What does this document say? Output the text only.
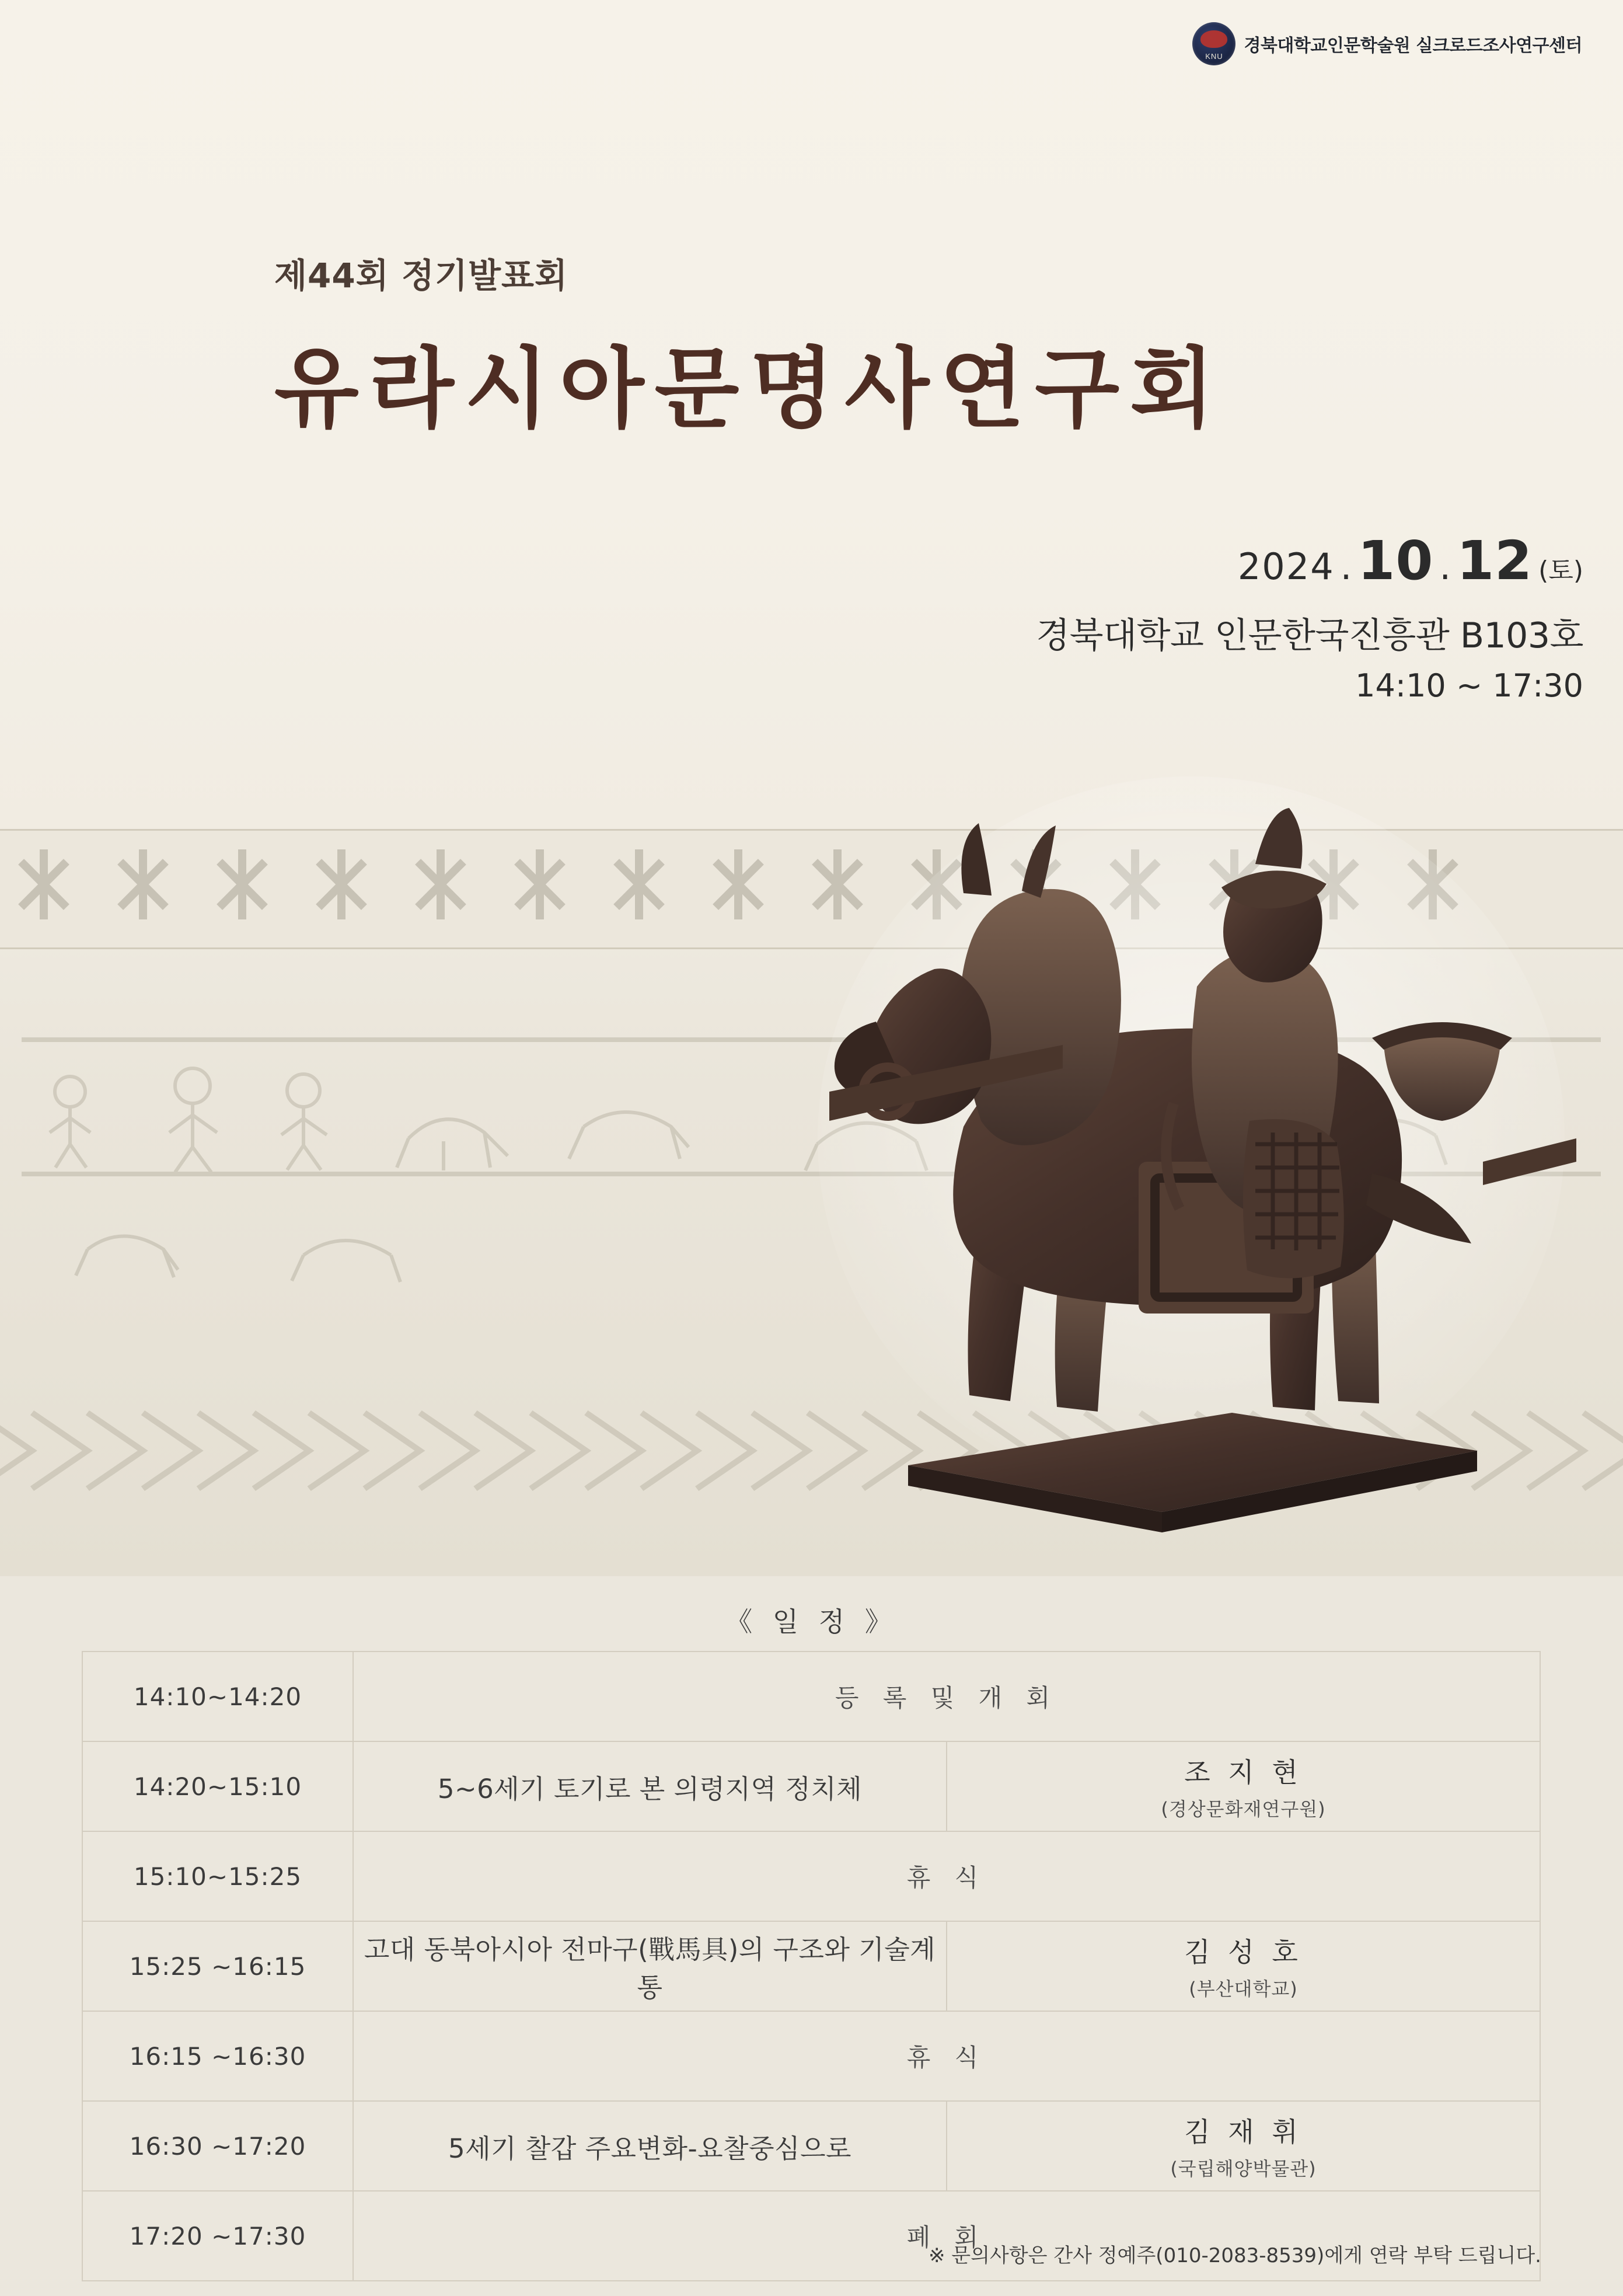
KNU
경북대학교인문학술원 실크로드조사연구센터
제44회 정기발표회
유라시아문명사연구회
2024 . 10 . 12 (토)
경북대학교 인문한국진흥관 B103호
14:10 ~ 17:30
《 일 정 》
14:10~14:20	등 록 및 개 회	
14:20~15:10	5~6세기 토기로 본 의령지역 정치체	조 지 현
(경상문화재연구원)

15:10~15:25	휴 식	
15:25 ~16:15	고대 동북아시아 전마구(戰馬具)의 구조와 기술계통	김 성 호
(부산대학교)

16:15 ~16:30	휴 식	
16:30 ~17:20	5세기 찰갑 주요변화-요찰중심으로	김 재 휘
(국립해양박물관)

17:20 ~17:30	폐 회	
※ 문의사항은 간사 정예주(010-2083-8539)에게 연락 부탁 드립니다.
